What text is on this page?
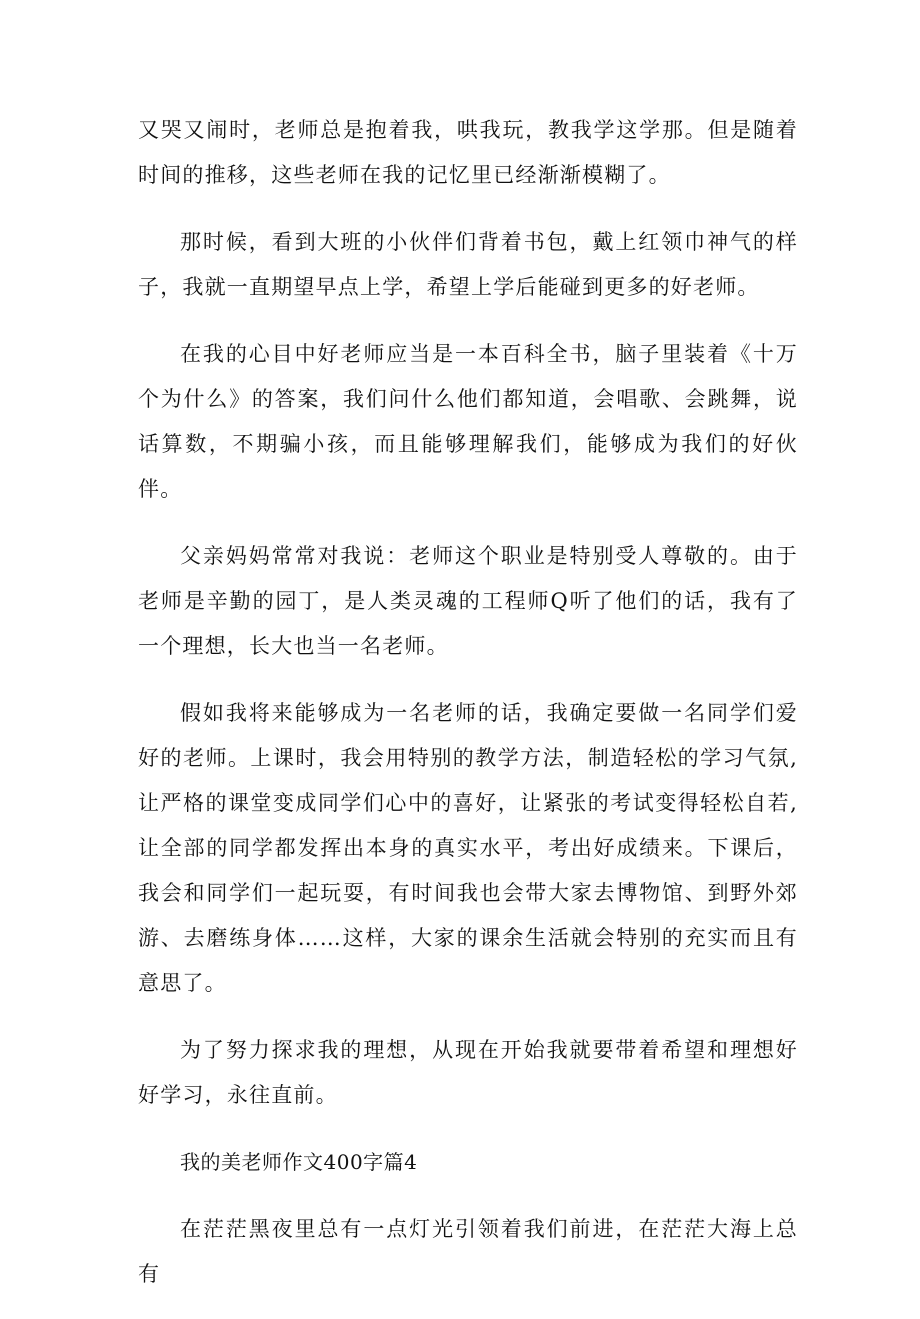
又哭又闹时，老师总是抱着我，哄我玩，教我学这学那。但是随着时间的推移，这些老师在我的记忆里已经渐渐模糊了。

那时候，看到大班的小伙伴们背着书包，戴上红领巾神气的样子，我就一直期望早点上学，希望上学后能碰到更多的好老师。

在我的心目中好老师应当是一本百科全书，脑子里装着《十万个为什么》的答案，我们问什么他们都知道，会唱歌、会跳舞，说话算数，不期骗小孩，而且能够理解我们，能够成为我们的好伙伴。

父亲妈妈常常对我说：老师这个职业是特别受人尊敬的。由于老师是辛勤的园丁，是人类灵魂的工程师Q听了他们的话，我有了一个理想，长大也当一名老师。

假如我将来能够成为一名老师的话，我确定要做一名同学们爱好的老师。上课时，我会用特别的教学方法，制造轻松的学习气氛,让严格的课堂变成同学们心中的喜好，让紧张的考试变得轻松自若,让全部的同学都发挥出本身的真实水平，考出好成绩来。下课后，我会和同学们一起玩耍，有时间我也会带大家去博物馆、到野外郊游、去磨练身体……这样，大家的课余生活就会特别的充实而且有意思了。

为了努力探求我的理想，从现在开始我就要带着希望和理想好好学习，永往直前。

我的美老师作文400字篇4

在茫茫黑夜里总有一点灯光引领着我们前进，在茫茫大海上总有
